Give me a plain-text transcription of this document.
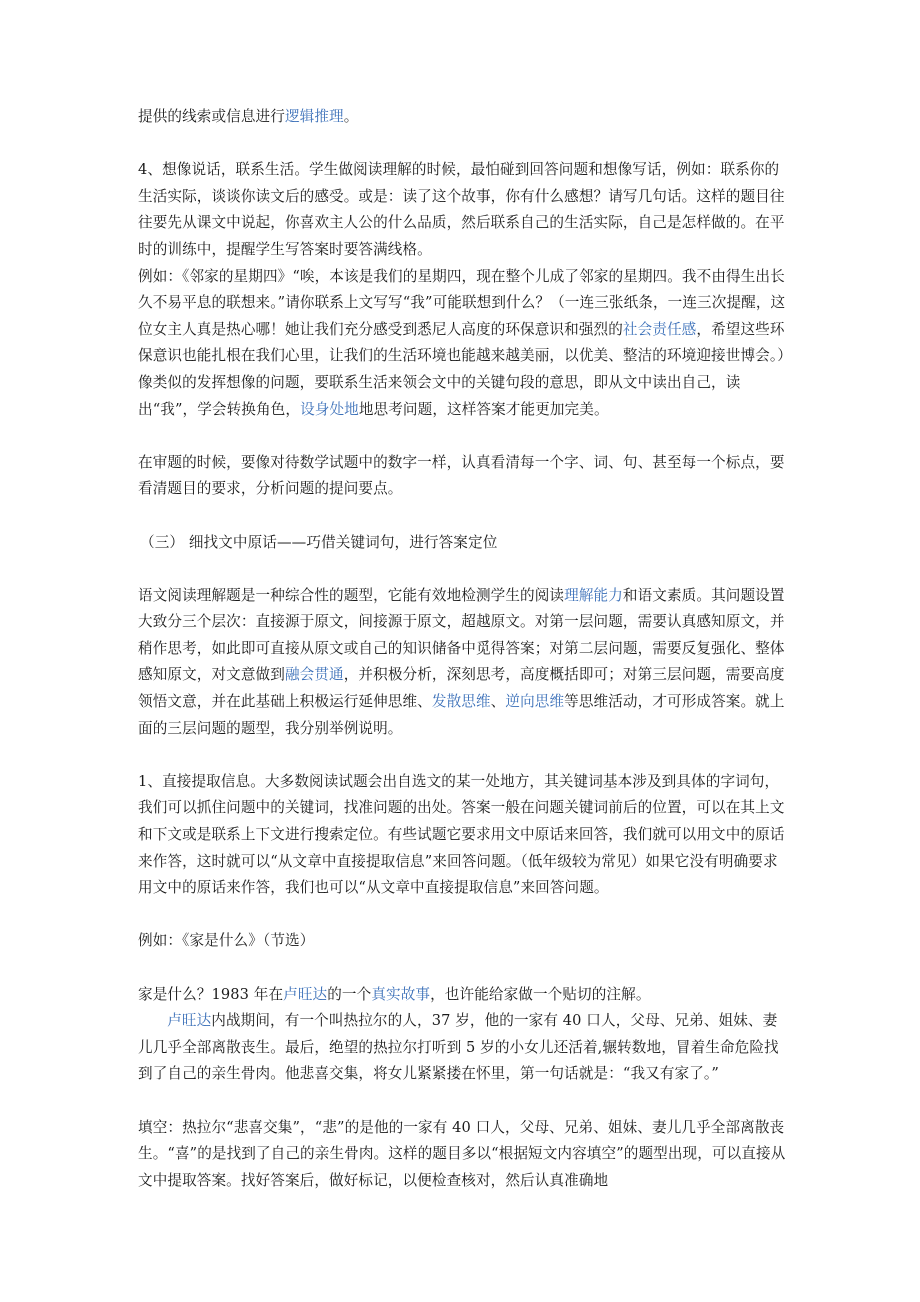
提供的线索或信息进行逻辑推理。

4、想像说话，联系生活。学生做阅读理解的时候，最怕碰到回答问题和想像写话，例如：联系你的生活实际，谈谈你读文后的感受。或是：读了这个故事，你有什么感想？请写几句话。这样的题目往往要先从课文中说起，你喜欢主人公的什么品质，然后联系自己的生活实际，自己是怎样做的。在平时的训练中，提醒学生写答案时要答满线格。

例如：《邻家的星期四》“唉，本该是我们的星期四，现在整个儿成了邻家的星期四。我不由得生出长久不易平息的联想来。”请你联系上文写写“我”可能联想到什么？（一连三张纸条，一连三次提醒，这位女主人真是热心哪！她让我们充分感受到悉尼人高度的环保意识和强烈的社会责任感，希望这些环保意识也能扎根在我们心里，让我们的生活环境也能越来越美丽，以优美、整洁的环境迎接世博会。）像类似的发挥想像的问题，要联系生活来领会文中的关键句段的意思，即从文中读出自己，读出“我”，学会转换角色，设身处地地思考问题，这样答案才能更加完美。

在审题的时候，要像对待数学试题中的数字一样，认真看清每一个字、词、句、甚至每一个标点，要看清题目的要求，分析问题的提问要点。

（三） 细找文中原话——巧借关键词句，进行答案定位

语文阅读理解题是一种综合性的题型，它能有效地检测学生的阅读理解能力和语文素质。其问题设置大致分三个层次：直接源于原文，间接源于原文，超越原文。对第一层问题，需要认真感知原文，并稍作思考，如此即可直接从原文或自己的知识储备中觅得答案；对第二层问题，需要反复强化、整体感知原文，对文意做到融会贯通，并积极分析，深刻思考，高度概括即可；对第三层问题，需要高度领悟文意，并在此基础上积极运行延伸思维、发散思维、逆向思维等思维活动，才可形成答案。就上面的三层问题的题型，我分别举例说明。

1、直接提取信息。大多数阅读试题会出自选文的某一处地方，其关键词基本涉及到具体的字词句，我们可以抓住问题中的关键词，找准问题的出处。答案一般在问题关键词前后的位置，可以在其上文和下文或是联系上下文进行搜索定位。有些试题它要求用文中原话来回答，我们就可以用文中的原话来作答，这时就可以“从文章中直接提取信息”来回答问题。（低年级较为常见）如果它没有明确要求用文中的原话来作答，我们也可以“从文章中直接提取信息”来回答问题。

例如：《家是什么》（节选）

家是什么？1983 年在卢旺达的一个真实故事，也许能给家做一个贴切的注解。

卢旺达内战期间，有一个叫热拉尔的人，37 岁，他的一家有 40 口人，父母、兄弟、姐妹、妻儿几乎全部离散丧生。最后，绝望的热拉尔打听到 5 岁的小女儿还活着,辗转数地，冒着生命危险找到了自己的亲生骨肉。他悲喜交集，将女儿紧紧搂在怀里，第一句话就是：“我又有家了。”

填空：热拉尔“悲喜交集”，“悲”的是他的一家有 40 口人，父母、兄弟、姐妹、妻儿几乎全部离散丧生。“喜”的是找到了自己的亲生骨肉。这样的题目多以“根据短文内容填空”的题型出现，可以直接从文中提取答案。找好答案后，做好标记，以便检查核对，然后认真准确地
